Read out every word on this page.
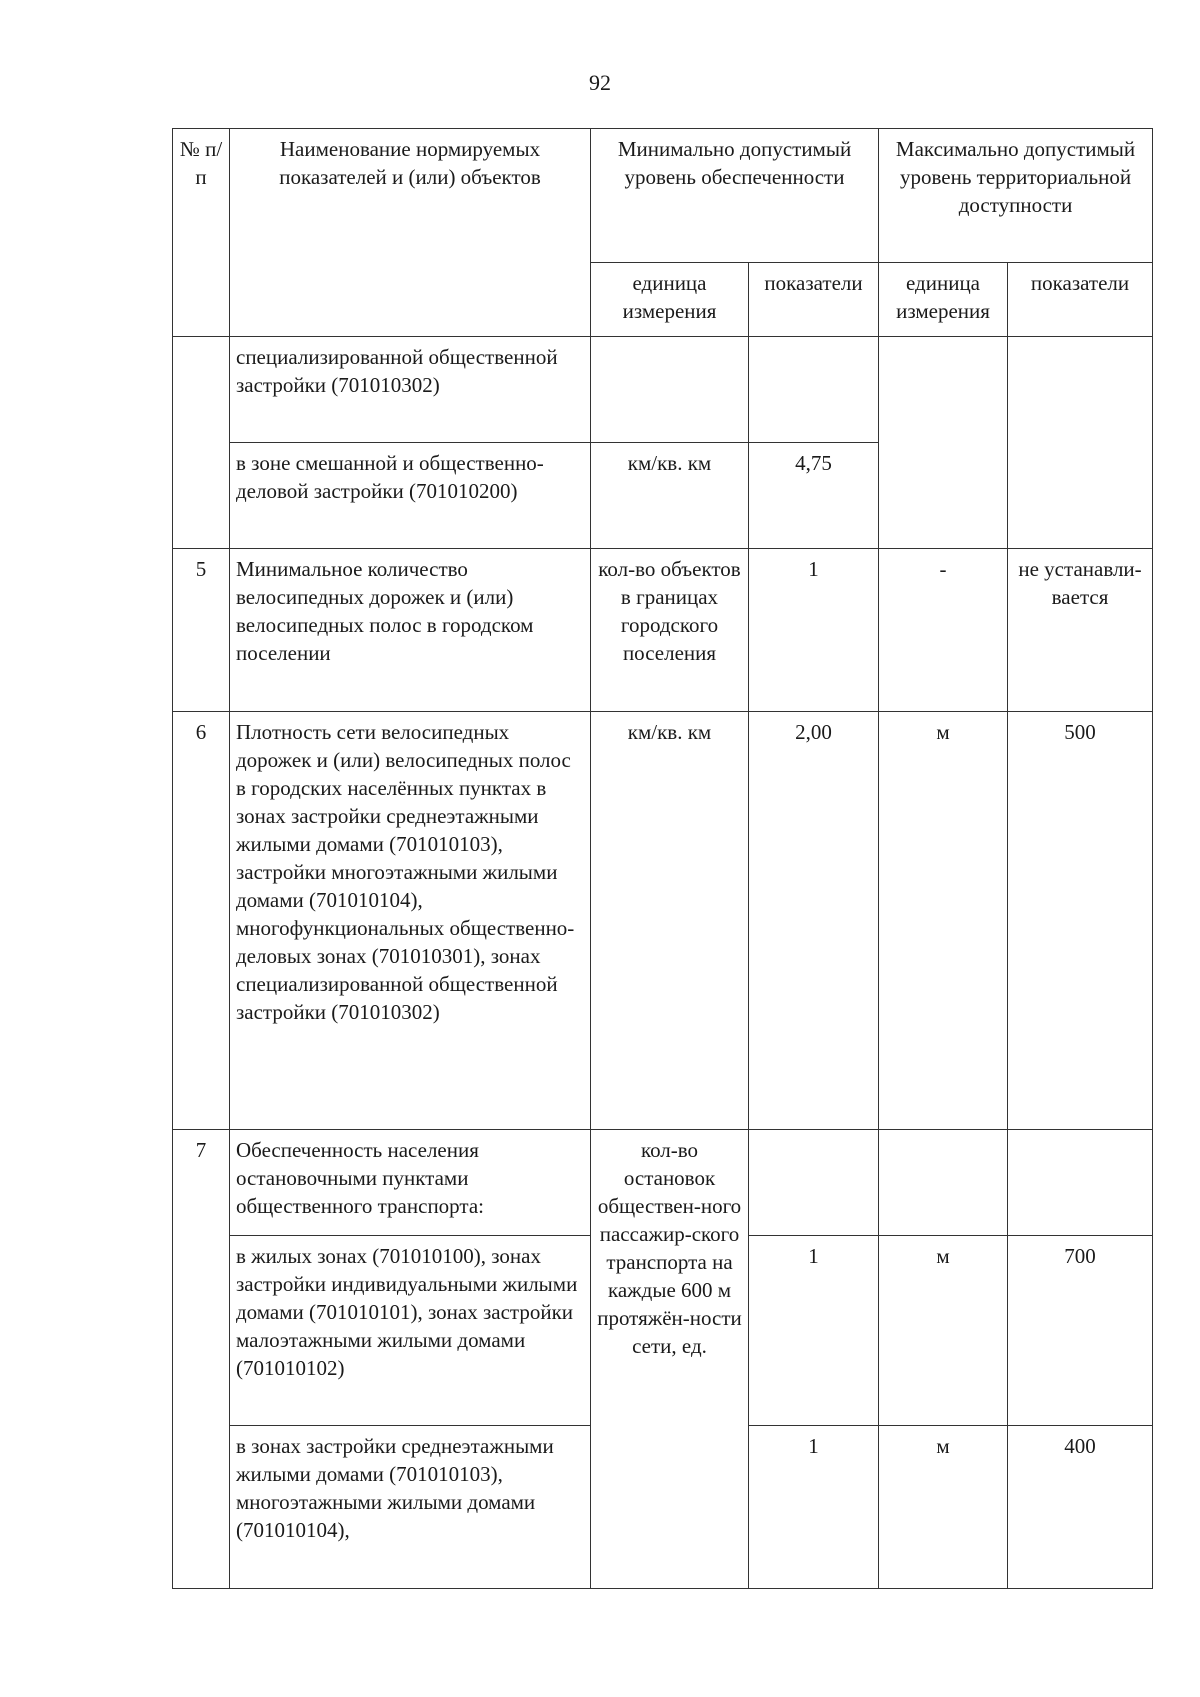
92
№ п/п	Наименование нормируемых показателей и (или) объектов	Минимально допустимый уровень обеспеченности		Максимально допустимый уровень территориальной доступности	
		единица измерения	показатели	единица измерения	показатели
	специализированной общественной застройки (701010302)				
	в зоне смешанной и общественно-деловой застройки (701010200)	км/кв. км	4,75		
5	Минимальное количество велосипедных дорожек и (или) велосипедных полос в городском поселении	кол-во объектов в границах городского поселения	1	-	не устанавли-вается
6	Плотность сети велосипедных дорожек и (или) велосипедных полос в городских населённых пунктах в зонах застройки среднеэтажными жилыми домами (701010103), застройки многоэтажными жилыми домами (701010104), многофункциональных общественно-деловых зонах (701010301), зонах специализированной общественной застройки (701010302)	км/кв. км	2,00	м	500
7	Обеспеченность населения остановочными пунктами общественного транспорта:	кол-во остановок обществен-ного пассажир-ского транспорта на каждые 600 м протяжён-ности сети, ед.			
	в жилых зонах (701010100), зонах застройки индивидуальными жилыми домами (701010101), зонах застройки малоэтажными жилыми домами (701010102)		1	м	700
	в зонах застройки среднеэтажными жилыми домами (701010103), многоэтажными жилыми домами (701010104),		1	м	400
